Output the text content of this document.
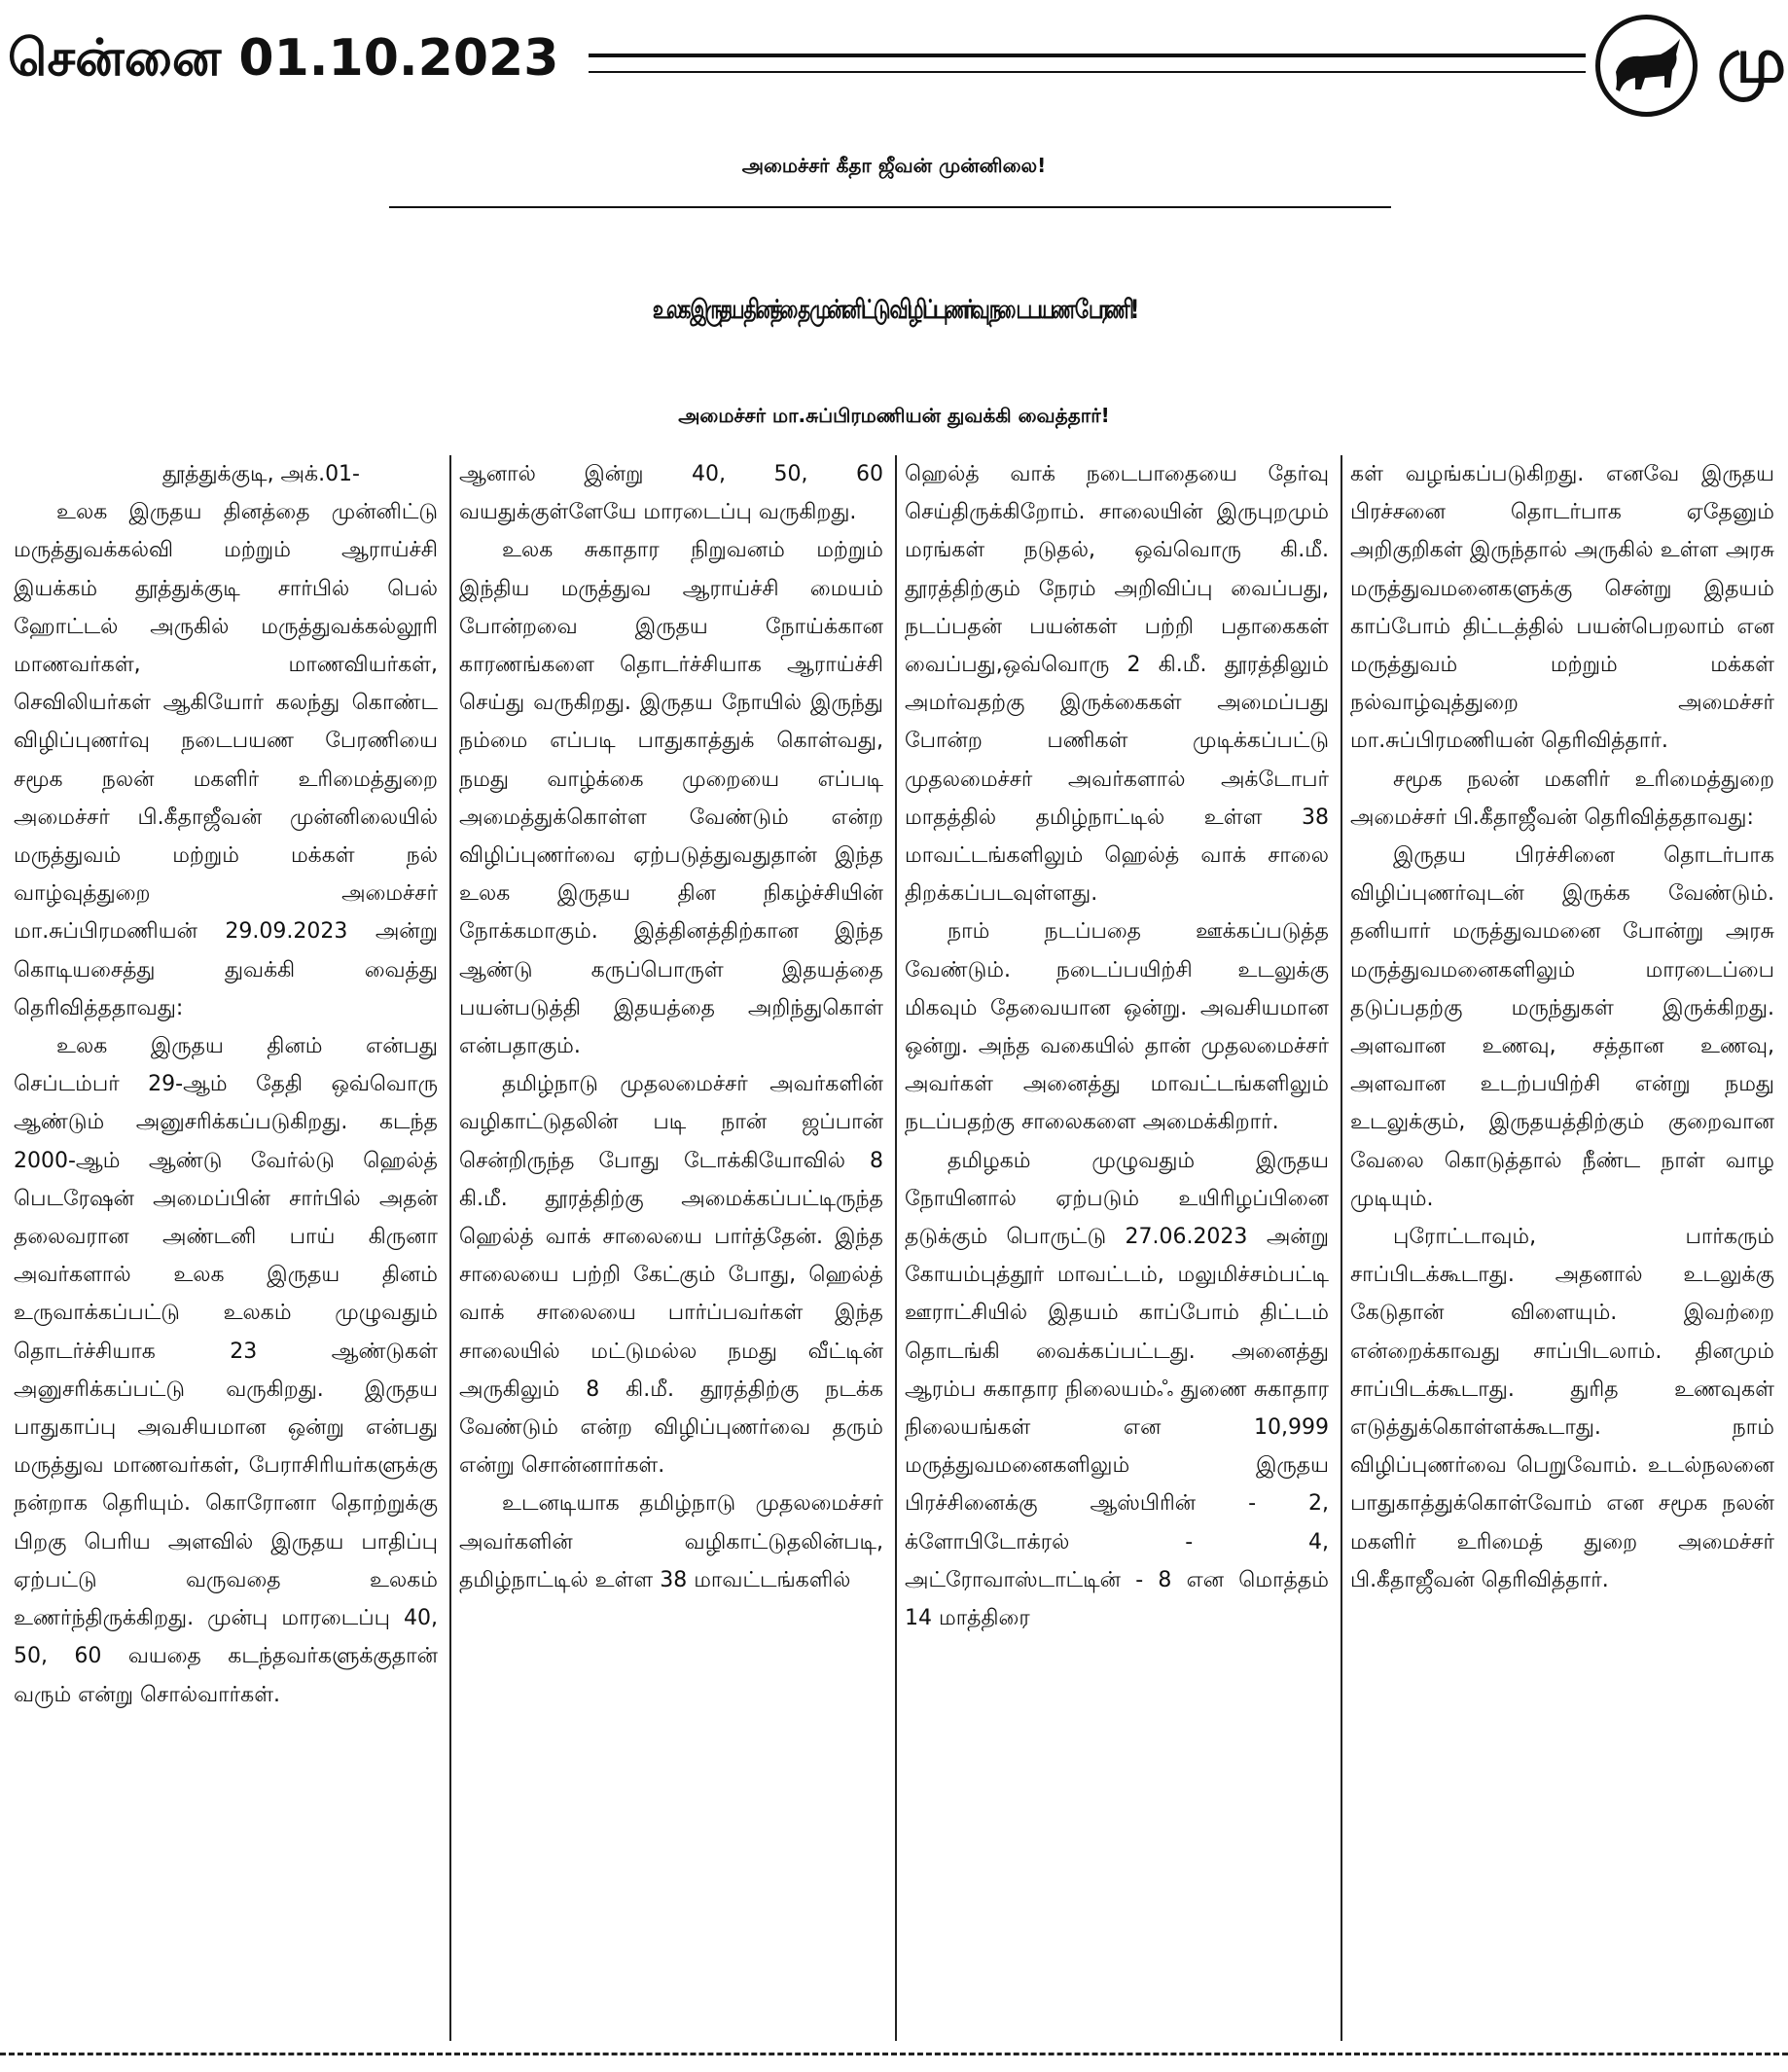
சென்னை 01.10.2023	மு
அமைச்சர் கீதா ஜீவன் முன்னிலை!
உலக இருதய தினத்தை முன்னிட்டு விழிப்புணர்வு நடைபயண பேரணி!
அமைச்சர் மா.சுப்பிரமணியன் துவக்கி வைத்தார்!

தூத்துக்குடி, அக்.01-

உலக இருதய தினத்தை முன்னிட்டு மருத்துவக்கல்வி மற்றும் ஆராய்ச்சி இயக்கம் தூத்துக்குடி சார்பில் பெல் ஹோட்டல் அருகில் மருத்துவக்கல்லூரி மாணவர்கள், மாணவியர்கள், செவிலியர்கள் ஆகியோர் கலந்து கொண்ட விழிப்புணர்வு நடைபயண பேரணியை சமூக நலன் மகளிர் உரிமைத்துறை அமைச்சர் பி.கீதாஜீவன் முன்னிலையில் மருத்துவம் மற்றும் மக்கள் நல் வாழ்வுத்துறை அமைச்சர் மா.சுப்பிரமணியன் 29.09.2023 அன்று கொடியசைத்து துவக்கி வைத்து தெரிவித்ததாவது:

உலக இருதய தினம் என்பது செப்டம்பர் 29-ஆம் தேதி ஒவ்வொரு ஆண்டும் அனுசரிக்கப்படுகிறது. கடந்த 2000-ஆம் ஆண்டு வேர்ல்டு ஹெல்த் பெடரேஷன் அமைப்பின் சார்பில் அதன் தலைவரான அண்டனி பாய் கிருனா அவர்களால் உலக இருதய தினம் உருவாக்கப்பட்டு உலகம் முழுவதும் தொடர்ச்சியாக 23 ஆண்டுகள் அனுசரிக்கப்பட்டு வருகிறது. இருதய பாதுகாப்பு அவசியமான ஒன்று என்பது மருத்துவ மாணவர்கள், பேராசிரியர்களுக்கு நன்றாக தெரியும். கொரோனா தொற்றுக்கு பிறகு பெரிய அளவில் இருதய பாதிப்பு ஏற்பட்டு வருவதை உலகம் உணர்ந்திருக்கிறது. முன்பு மாரடைப்பு 40, 50, 60 வயதை கடந்தவர்களுக்குதான் வரும் என்று சொல்வார்கள்.

ஆனால் இன்று 40, 50, 60 வயதுக்குள்ளேயே மாரடைப்பு வருகிறது.

உலக சுகாதார நிறுவனம் மற்றும் இந்திய மருத்துவ ஆராய்ச்சி மையம் போன்றவை இருதய நோய்க்கான காரணங்களை தொடர்ச்சியாக ஆராய்ச்சி செய்து வருகிறது. இருதய நோயில் இருந்து நம்மை எப்படி பாதுகாத்துக் கொள்வது, நமது வாழ்க்கை முறையை எப்படி அமைத்துக்கொள்ள வேண்டும் என்ற விழிப்புணர்வை ஏற்படுத்துவதுதான் இந்த உலக இருதய தின நிகழ்ச்சியின் நோக்கமாகும். இத்தினத்திற்கான இந்த ஆண்டு கருப்பொருள் இதயத்தை பயன்படுத்தி இதயத்தை அறிந்துகொள் என்பதாகும்.

தமிழ்நாடு முதலமைச்சர் அவர்களின் வழிகாட்டுதலின் படி நான் ஜப்பான் சென்றிருந்த போது டோக்கியோவில் 8 கி.மீ. தூரத்திற்கு அமைக்கப்பட்டிருந்த ஹெல்த் வாக் சாலையை பார்த்தேன். இந்த சாலையை பற்றி கேட்கும் போது, ஹெல்த் வாக் சாலையை பார்ப்பவர்கள் இந்த சாலையில் மட்டுமல்ல நமது வீட்டின் அருகிலும் 8 கி.மீ. தூரத்திற்கு நடக்க வேண்டும் என்ற விழிப்புணர்வை தரும் என்று சொன்னார்கள்.

உடனடியாக தமிழ்நாடு முதலமைச்சர் அவர்களின் வழிகாட்டுதலின்படி, தமிழ்நாட்டில் உள்ள 38 மாவட்டங்களில்

ஹெல்த் வாக் நடைபாதையை தேர்வு செய்திருக்கிறோம். சாலையின் இருபுறமும் மரங்கள் நடுதல், ஒவ்வொரு கி.மீ. தூரத்திற்கும் நேரம் அறிவிப்பு வைப்பது, நடப்பதன் பயன்கள் பற்றி பதாகைகள் வைப்பது,ஒவ்வொரு 2 கி.மீ. தூரத்திலும் அமர்வதற்கு இருக்கைகள் அமைப்பது போன்ற பணிகள் முடிக்கப்பட்டு முதலமைச்சர் அவர்களால் அக்டோபர் மாதத்தில் தமிழ்நாட்டில் உள்ள 38 மாவட்டங்களிலும் ஹெல்த் வாக் சாலை திறக்கப்படவுள்ளது.

நாம் நடப்பதை ஊக்கப்படுத்த வேண்டும். நடைப்பயிற்சி உடலுக்கு மிகவும் தேவையான ஒன்று. அவசியமான ஒன்று. அந்த வகையில் தான் முதலமைச்சர் அவர்கள் அனைத்து மாவட்டங்களிலும் நடப்பதற்கு சாலைகளை அமைக்கிறார்.

தமிழகம் முழுவதும் இருதய நோயினால் ஏற்படும் உயிரிழப்பினை தடுக்கும் பொருட்டு 27.06.2023 அன்று கோயம்புத்தூர் மாவட்டம், மலுமிச்சம்பட்டி ஊராட்சியில் இதயம் காப்போம் திட்டம் தொடங்கி வைக்கப்பட்டது. அனைத்து ஆரம்ப சுகாதார நிலையம்ஃ துணை சுகாதார நிலையங்கள் என 10,999 மருத்துவமனைகளிலும் இருதய பிரச்சினைக்கு ஆஸ்பிரின் - 2, க்ளோபிடோக்ரல் - 4, அட்ரோவாஸ்டாட்டின் - 8 என மொத்தம் 14 மாத்திரை

கள் வழங்கப்படுகிறது. எனவே இருதய பிரச்சனை தொடர்பாக ஏதேனும் அறிகுறிகள் இருந்தால் அருகில் உள்ள அரசு மருத்துவமனைகளுக்கு சென்று இதயம் காப்போம் திட்டத்தில் பயன்பெறலாம் என மருத்துவம் மற்றும் மக்கள் நல்வாழ்வுத்துறை அமைச்சர் மா.சுப்பிரமணியன் தெரிவித்தார்.

சமூக நலன் மகளிர் உரிமைத்துறை அமைச்சர் பி.கீதாஜீவன் தெரிவித்ததாவது:

இருதய பிரச்சினை தொடர்பாக விழிப்புணர்வுடன் இருக்க வேண்டும். தனியார் மருத்துவமனை போன்று அரசு மருத்துவமனைகளிலும் மாரடைப்பை தடுப்பதற்கு மருந்துகள் இருக்கிறது. அளவான உணவு, சத்தான உணவு, அளவான உடற்பயிற்சி என்று நமது உடலுக்கும், இருதயத்திற்கும் குறைவான வேலை கொடுத்தால் நீண்ட நாள் வாழ முடியும்.

புரோட்டாவும், பார்கரும் சாப்பிடக்கூடாது. அதனால் உடலுக்கு கேடுதான் விளையும். இவற்றை என்றைக்காவது சாப்பிடலாம். தினமும் சாப்பிடக்கூடாது. துரித உணவுகள் எடுத்துக்கொள்ளக்கூடாது. நாம் விழிப்புணர்வை பெறுவோம். உடல்நலனை பாதுகாத்துக்கொள்வோம் என சமூக நலன் மகளிர் உரிமைத் துறை அமைச்சர் பி.கீதாஜீவன் தெரிவித்தார்.
